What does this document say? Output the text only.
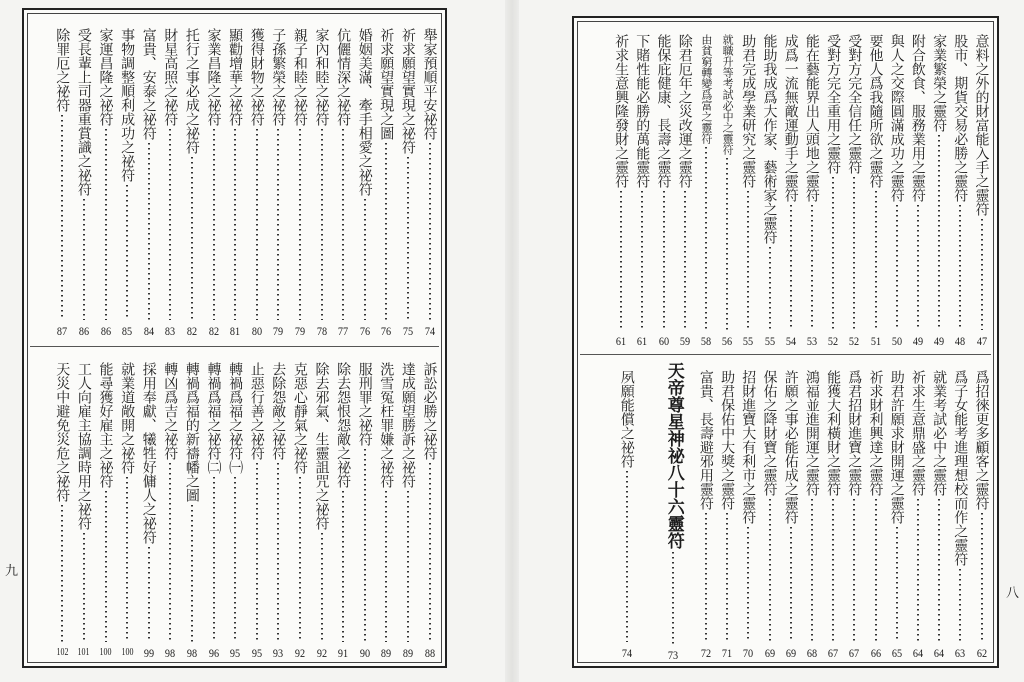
九
舉家預順平安祕符
74
祈求願望實現之祕符
75
祈求願望實現之圖
76
婚姻美滿、牽手相愛之祕符
76
伉儷情深之祕符
77
家內和睦之祕符
78
親子和睦之祕符
79
子孫繁榮之祕符
79
獲得財物之祕符
80
顯勸增華之祕符
81
家業昌隆之祕符
82
托行之事必成之祕符
82
財星高照之祕符
83
富貴、安泰之祕符
84
事物調整順利成功之祕符
85
家運昌隆之祕符
86
受長輩上司器重賞識之祕符
86
除罪厄之祕符
87
訴訟必勝之祕符
88
達成願望勝訴之祕符
89
洗雪冤枉罪嫌之祕符
89
服刑罪之祕符
90
除去怨恨怨敵之祕符
91
除去邪氣、生靈詛咒之祕符
92
克惡心靜氣之祕符
92
去除怨敵之祕符
93
止惡行善之祕符
95
轉禍爲福之祕符㈠
95
轉禍爲福之祕符㈡
96
轉禍爲福的新禱幡之圖
98
轉凶爲吉之祕符
98
採用奉獻、犧牲好傭人之祕符
99
就業道敞開之祕符
100
能尋獲好雇主之祕符
100
工人向雇主協調時用之祕符
101
天災中避免災危之祕符
102
意料之外的財富能入手之靈符
47
股市、期貨交易必勝之靈符
48
家業繁榮之靈符
49
附合飲食、服務業用之靈符
49
與人之交際圓滿成功之靈符
50
要他人爲我隨所欲之靈符
51
受對方完全信任之靈符
52
受對方完全重用之靈符
52
能在藝能界出人頭地之靈符
53
成爲一流無敵運動手之靈符
54
能助我成爲大作家、藝術家之靈符
55
助君完成學業研究之靈符
55
就職升等考試必中之靈符
56
由貧窮轉變爲富之靈符
58
除君厄年之災改運之靈符
59
能保庇健康、長壽之靈符
60
下賭性能必勝的萬能靈符
61
祈求生意興隆發財之靈符
61
爲招徠更多顧客之靈符
62
爲子女能考進理想校而作之靈符
63
就業考試必中之靈符
64
祈求生意鼎盛之靈符
64
助君許願求財開運之靈符
65
祈求財利興達之靈符
66
爲君招財進寶之靈符
67
能獲大利橫財之靈符
67
鴻福並進開運之靈符
68
許願之事必能佑成之靈符
69
保佑之降財寶之靈符
69
招財進寶大有利市之靈符
70
助君保佑中大獎之靈符
71
富貴、長壽避邪用靈符
72
天帝尊星神祕八十六靈符
73
夙願能償之祕符
74
八
